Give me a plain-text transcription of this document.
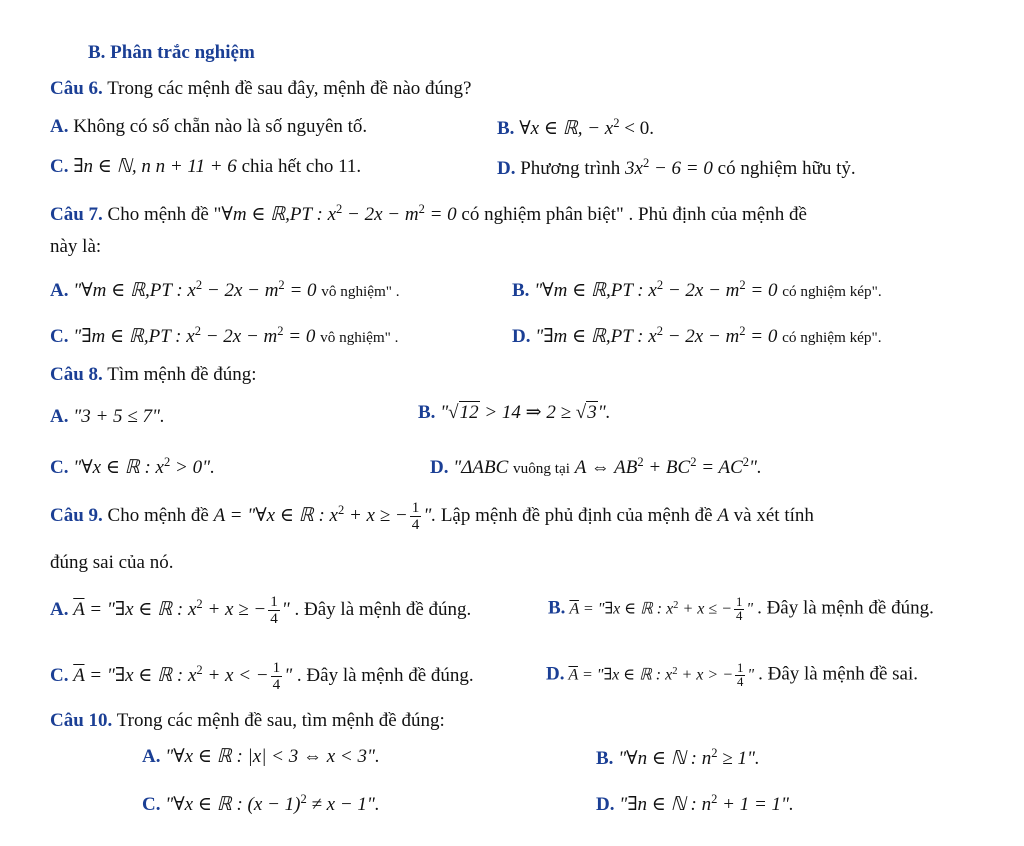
B. Phân trắc nghiệm
Câu 6. Trong các mệnh đề sau đây, mệnh đề nào đúng?
A. Không có số chẵn nào là số nguyên tố.	B. ∀x ∈ ℝ, − $x^2 < 0$.
C. ∃n ∈ ℕ, n n + 11 + 6 chia hết cho 11.	D. Phương trình $3x^2 - 6 = 0$ có nghiệm hữu tỷ.
Câu 7. Cho mệnh đề "∀m ∈ ℝ,PT : $x^2 - 2x - m^2 = 0$ có nghiệm phân biệt" . Phủ định của mệnh đề
này là:
A. "∀m ∈ ℝ,PT : $x^2 - 2x - m^2 = 0$ vô nghiệm" .	B. "∀m ∈ ℝ,PT : $x^2 - 2x - m^2 = 0$ có nghiệm kép".
C. "∃m ∈ ℝ,PT : $x^2 - 2x - m^2 = 0$ vô nghiệm" .	D. "∃m ∈ ℝ,PT : $x^2 - 2x - m^2 = 0$ có nghiệm kép".
Câu 8. Tìm mệnh đề đúng:
A. "3 + 5 ≤ 7".	B. "√12 > 14 ⇒ 2 ≥ √3".
C. "∀x ∈ ℝ : $x^2 > 0$".	D. "ΔABC vuông tại A ⇔ $AB^2 + BC^2 = AC^2$".
Câu 9. Cho mệnh đề A = "∀x ∈ ℝ : $x^2 + x$ ≥ − $\frac{1}{4}$ ". Lập mệnh đề phủ định của mệnh đề A và xét tính
đúng sai của nó.
A. $\overline{A}$ = "∃x ∈ ℝ : $x^2 + x$ ≥ − $\frac{1}{4}$ " . Đây là mệnh đề đúng.	B. $\overline{A}$ = "∃x ∈ ℝ : $x^2 + x$ ≤ − $\frac{1}{4}$ " . Đây là mệnh đề đúng.
C. $\overline{A}$ = "∃x ∈ ℝ : $x^2 + x$ < − $\frac{1}{4}$ " . Đây là mệnh đề đúng.	D. $\overline{A}$ = "∃x ∈ ℝ : $x^2 + x$ > − $\frac{1}{4}$ " . Đây là mệnh đề sai.
Câu 10. Trong các mệnh đề sau, tìm mệnh đề đúng:
A. "∀x ∈ ℝ : |x| < 3 ⇔ x < 3".	B. "∀n ∈ ℕ : $n^2 \ge 1$".
C. "∀x ∈ ℝ : $(x - 1)^2 \ne x - 1$".	D. "∃n ∈ ℕ : $n^2 + 1 = 1$".
